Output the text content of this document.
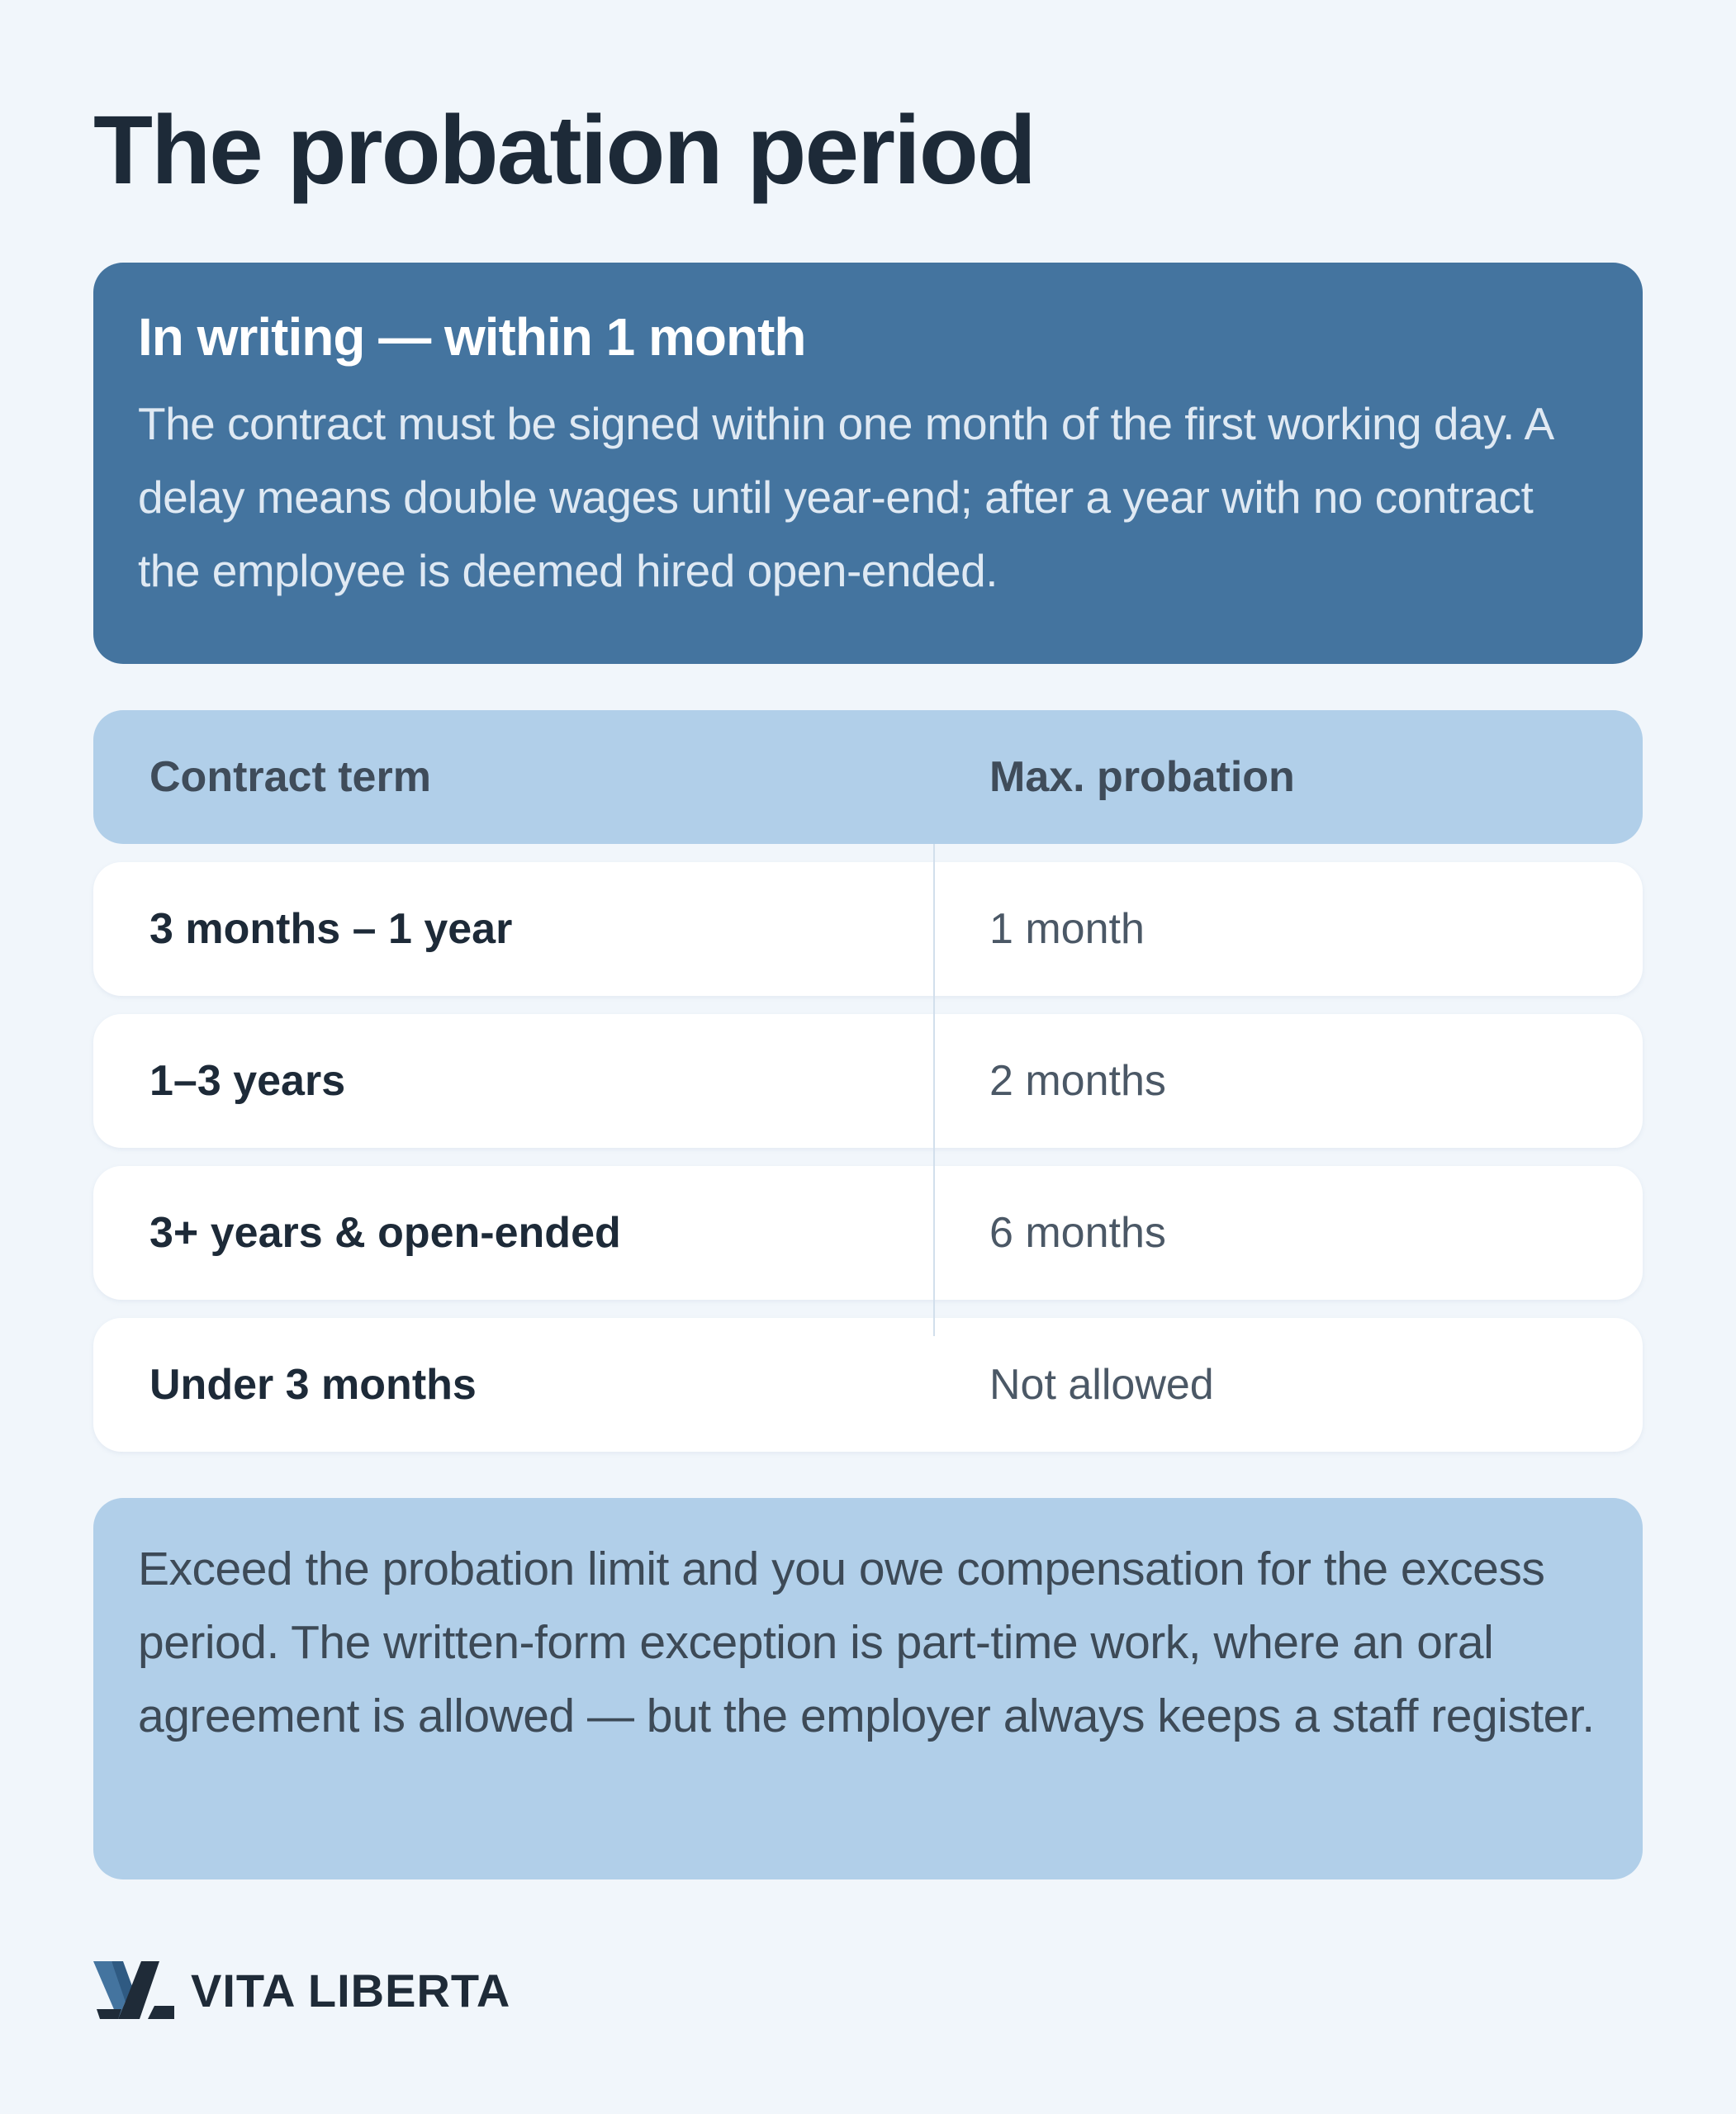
The probation period
In writing — within 1 month

The contract must be signed within one month of the first working day. A delay means double wages until year-end; after a year with no contract the employee is deemed hired open-ended.

Contract term	Max. probation
3 months – 1 year	1 month
1–3 years	2 months
3+ years & open-ended	6 months
Under 3 months	Not allowed

Exceed the probation limit and you owe compensation for the excess period. The written-form exception is part-time work, where an oral agreement is allowed — but the employer always keeps a staff register.

VITA LIBERTA
